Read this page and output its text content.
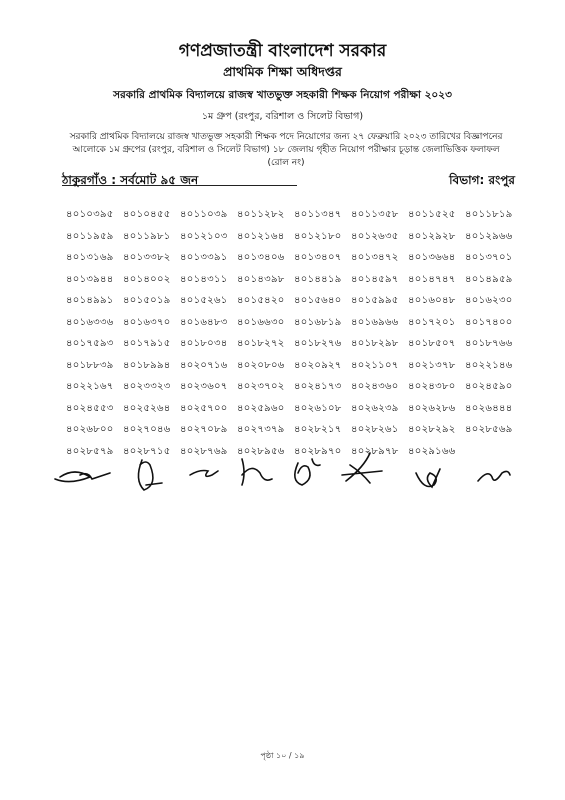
গণপ্রজাতন্ত্রী বাংলাদেশ সরকার
প্রাথমিক শিক্ষা অধিদপ্তর
সরকারি প্রাথমিক বিদ্যালয়ে রাজস্ব খাতভুক্ত সহকারী শিক্ষক নিয়োগ পরীক্ষা ২০২৩
১ম গ্রুপ (রংপুর, বরিশাল ও সিলেট বিভাগ)
সরকারি প্রাথমিক বিদ্যালয়ে রাজস্ব খাতভুক্ত সহকারী শিক্ষক পদে নিয়োগের জন্য ২৭ ফেব্রুয়ারি ২০২৩ তারিখের বিজ্ঞাপনের আলোকে ১ম গ্রুপের (রংপুর, বরিশাল ও সিলেট বিভাগ) ১৮ জেলায় গৃহীত নিয়োগ পরীক্ষার চূড়ান্ত জেলাভিত্তিক ফলাফল (রোল নং)
ঠাকুরগাঁও : সর্বমোট ৯৫ জন	বিভাগ: রংপুর
৪০১০৩৯৫ ৪০১০৪৫৫ ৪০১১০৩৯ ৪০১১২৮২ ৪০১১৩৪৭ ৪০১১৩৫৮ ৪০১১৫২৫ ৪০১১৮১৯
৪০১১৯৫৯ ৪০১১৯৮১ ৪০১২১০৩ ৪০১২১৬৪ ৪০১২১৮০ ৪০১২৬৩৫ ৪০১২৯২৮ ৪০১২৯৬৬
৪০১৩১৬৯ ৪০১৩৩৮২ ৪০১৩৩৯১ ৪০১৩৪০৬ ৪০১৩৪০৭ ৪০১৩৪৭২ ৪০১৩৬৬৪ ৪০১৩৭০১
৪০১৩৯৪৪ ৪০১৪০০২ ৪০১৪৩১১ ৪০১৪৩৯৮ ৪০১৪৪১৯ ৪০১৪৫৯৭ ৪০১৪৭৪৭ ৪০১৪৯৫৯
৪০১৪৯৯১ ৪০১৫০১৯ ৪০১৫২৬১ ৪০১৫৪২০ ৪০১৫৬৪০ ৪০১৫৯৯৫ ৪০১৬০৪৮ ৪০১৬২৩০
৪০১৬৩৩৬ ৪০১৬৩৭০ ৪০১৬৪৮৩ ৪০১৬৬৩০ ৪০১৬৮১৯ ৪০১৬৯৬৬ ৪০১৭২০১ ৪০১৭৪০০
৪০১৭৫৯৩ ৪০১৭৯১৫ ৪০১৮০৩৪ ৪০১৮২৭২ ৪০১৮২৭৬ ৪০১৮২৯৮ ৪০১৮৫০৭ ৪০১৮৭৬৬
৪০১৮৮৩৯ ৪০১৮৯৯৪ ৪০২০৭১৬ ৪০২০৮০৬ ৪০২০৯২৭ ৪০২১১০৭ ৪০২১৩৭৮ ৪০২২১৪৬
৪০২২১৬৭ ৪০২৩৩২৩ ৪০২৩৬০৭ ৪০২৩৭০২ ৪০২৪১৭৩ ৪০২৪৩৬০ ৪০২৪৩৮০ ৪০২৪৫৯০
৪০২৪৫৫৩ ৪০২৫২৬৪ ৪০২৫৭০০ ৪০২৫৯৬০ ৪০২৬১০৮ ৪০২৬২৩৯ ৪০২৬২৮৬ ৪০২৬৪৪৪
৪০২৬৮০০ ৪০২৭০৪৬ ৪০২৭০৮৯ ৪০২৭৩৭৯ ৪০২৮২১৭ ৪০২৮২৬১ ৪০২৮২৯২ ৪০২৮৫৬৯
৪০২৮৫৭৯ ৪০২৮৭১৫ ৪০২৮৭৬৯ ৪০২৮৯৫৬ ৪০২৮৯৭০ ৪০২৮৯৭৮ ৪০২৯১৬৬
পৃষ্ঠা ১০ / ১৯
